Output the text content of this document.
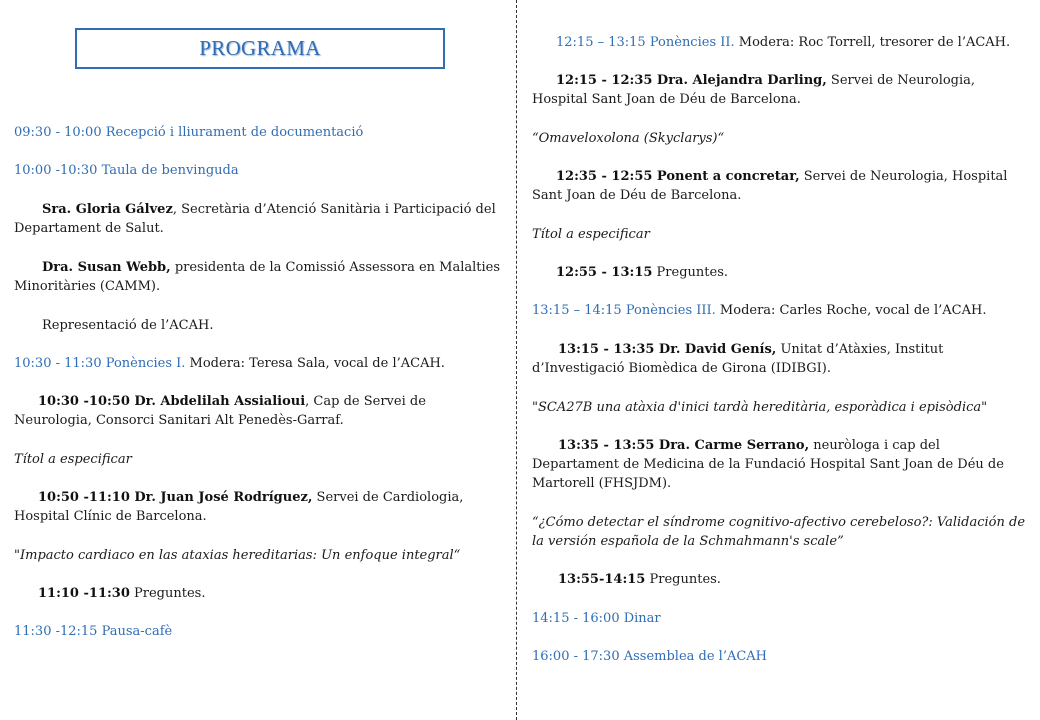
PROGRAMA

09:30 - 10:00 Recepció i lliurament de documentació

10:00 -10:30 Taula de benvinguda

Sra. Gloria Gálvez, Secretària d’Atenció Sanitària i Participació del Departament de Salut.

Dra. Susan Webb, presidenta de la Comissió Assessora en Malalties Minoritàries (CAMM).

Representació de l’ACAH.

10:30 - 11:30 Ponències I. Modera: Teresa Sala, vocal de l’ACAH.

10:30 -10:50 Dr. Abdelilah Assialioui, Cap de Servei de Neurologia, Consorci Sanitari Alt Penedès-Garraf.

Títol a especificar

10:50 -11:10 Dr. Juan José Rodríguez, Servei de Cardiologia, Hospital Clínic de Barcelona.

"Impacto cardiaco en las ataxias hereditarias: Un enfoque integral“

11:10 -11:30 Preguntes.

11:30 -12:15 Pausa-cafè

12:15 – 13:15 Ponències II. Modera: Roc Torrell, tresorer de l’ACAH.

12:15 - 12:35 Dra. Alejandra Darling, Servei de Neurologia, Hospital Sant Joan de Déu de Barcelona.

“Omaveloxolona (Skyclarys)“

12:35 - 12:55 Ponent a concretar, Servei de Neurologia, Hospital Sant Joan de Déu de Barcelona.

Títol a especificar

12:55 - 13:15 Preguntes.

13:15 – 14:15 Ponències III. Modera: Carles Roche, vocal de l’ACAH.

13:15 - 13:35 Dr. David Genís, Unitat d’Atàxies, Institut d’Investigació Biomèdica de Girona (IDIBGI).

"SCA27B una atàxia d'inici tardà hereditària, esporàdica i episòdica"

13:35 - 13:55 Dra. Carme Serrano, neuròloga i cap del Departament de Medicina de la Fundació Hospital Sant Joan de Déu de Martorell (FHSJDM).

“¿Cómo detectar el síndrome cognitivo-afectivo cerebeloso?: Validación de la versión española de la Schmahmann's scale”

13:55-14:15 Preguntes.

14:15 - 16:00 Dinar

16:00 - 17:30 Assemblea de l’ACAH
